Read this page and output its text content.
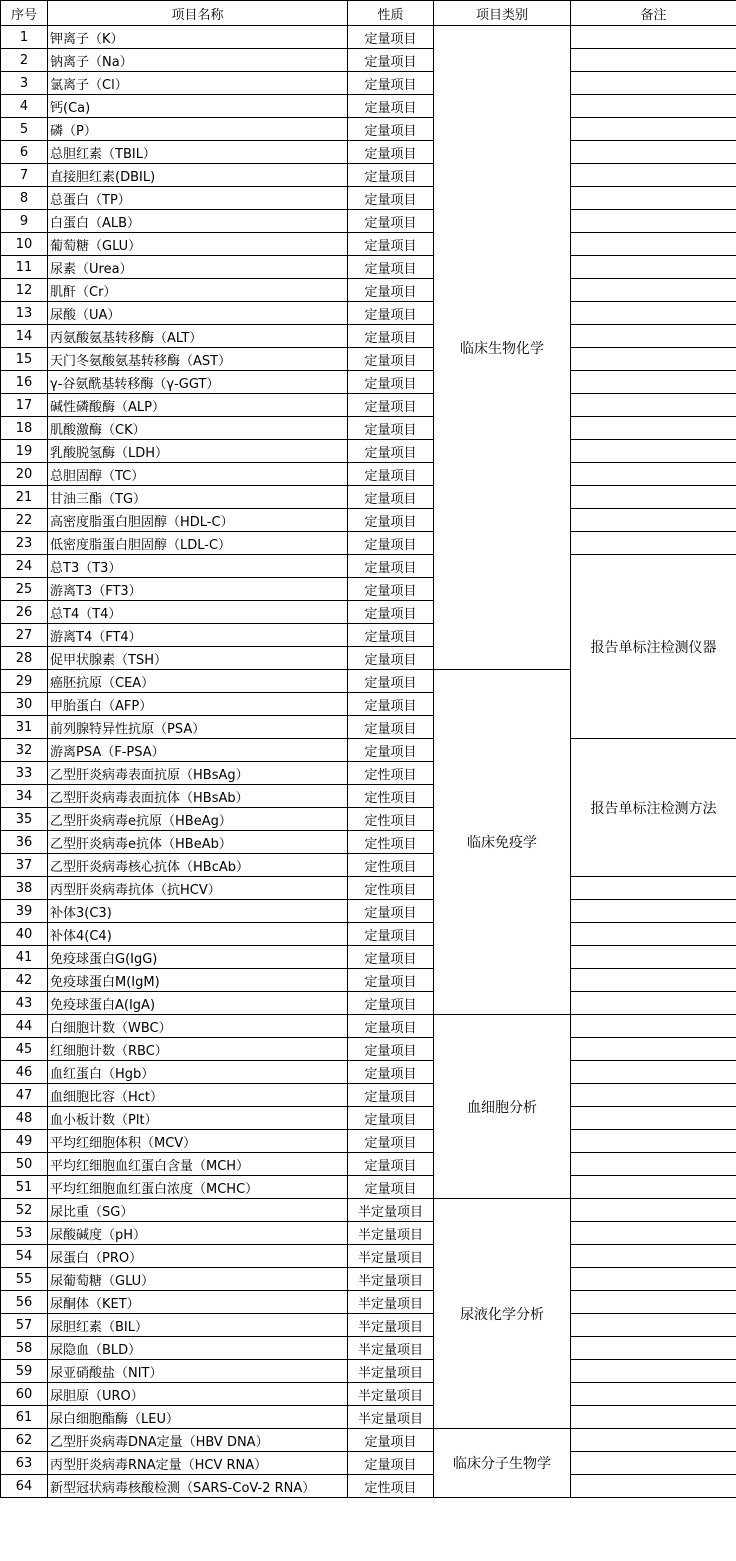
序号	项目名称	性质	项目类别	备注
1	钾离子（K）	定量项目	临床生物化学	
2	钠离子（Na）	定量项目		
3	氯离子（Cl）	定量项目		
4	钙(Ca)	定量项目		
5	磷（P）	定量项目		
6	总胆红素（TBIL）	定量项目		
7	直接胆红素(DBIL)	定量项目		
8	总蛋白（TP）	定量项目		
9	白蛋白（ALB）	定量项目		
10	葡萄糖（GLU）	定量项目		
11	尿素（Urea）	定量项目		
12	肌酐（Cr）	定量项目		
13	尿酸（UA）	定量项目		
14	丙氨酸氨基转移酶（ALT）	定量项目		
15	天门冬氨酸氨基转移酶（AST）	定量项目		
16	γ-谷氨酰基转移酶（γ-GGT）	定量项目		
17	碱性磷酸酶（ALP）	定量项目		
18	肌酸激酶（CK）	定量项目		
19	乳酸脱氢酶（LDH）	定量项目		
20	总胆固醇（TC）	定量项目		
21	甘油三酯（TG）	定量项目		
22	高密度脂蛋白胆固醇（HDL-C）	定量项目		
23	低密度脂蛋白胆固醇（LDL-C）	定量项目		
24	总T3（T3）	定量项目		报告单标注检测仪器
25	游离T3（FT3）	定量项目		
26	总T4（T4）	定量项目		
27	游离T4（FT4）	定量项目		
28	促甲状腺素（TSH）	定量项目		
29	癌胚抗原（CEA）	定量项目	临床免疫学	
30	甲胎蛋白（AFP）	定量项目		
31	前列腺特异性抗原（PSA）	定量项目		
32	游离PSA（F-PSA）	定量项目		报告单标注检测方法
33	乙型肝炎病毒表面抗原（HBsAg）	定性项目		
34	乙型肝炎病毒表面抗体（HBsAb）	定性项目		
35	乙型肝炎病毒e抗原（HBeAg）	定性项目		
36	乙型肝炎病毒e抗体（HBeAb）	定性项目		
37	乙型肝炎病毒核心抗体（HBcAb）	定性项目		
38	丙型肝炎病毒抗体（抗HCV）	定性项目		
39	补体3(C3)	定量项目		
40	补体4(C4)	定量项目		
41	免疫球蛋白G(IgG)	定量项目		
42	免疫球蛋白M(IgM)	定量项目		
43	免疫球蛋白A(IgA)	定量项目		
44	白细胞计数（WBC）	定量项目	血细胞分析	
45	红细胞计数（RBC）	定量项目		
46	血红蛋白（Hgb）	定量项目		
47	血细胞比容（Hct）	定量项目		
48	血小板计数（Plt）	定量项目		
49	平均红细胞体积（MCV）	定量项目		
50	平均红细胞血红蛋白含量（MCH）	定量项目		
51	平均红细胞血红蛋白浓度（MCHC）	定量项目		
52	尿比重（SG）	半定量项目	尿液化学分析	
53	尿酸碱度（pH）	半定量项目		
54	尿蛋白（PRO）	半定量项目		
55	尿葡萄糖（GLU）	半定量项目		
56	尿酮体（KET）	半定量项目		
57	尿胆红素（BIL）	半定量项目		
58	尿隐血（BLD）	半定量项目		
59	尿亚硝酸盐（NIT）	半定量项目		
60	尿胆原（URO）	半定量项目		
61	尿白细胞酯酶（LEU）	半定量项目		
62	乙型肝炎病毒DNA定量（HBV DNA）	定量项目	临床分子生物学	
63	丙型肝炎病毒RNA定量（HCV RNA）	定量项目		
64	新型冠状病毒核酸检测（SARS-CoV-2 RNA）	定性项目		
